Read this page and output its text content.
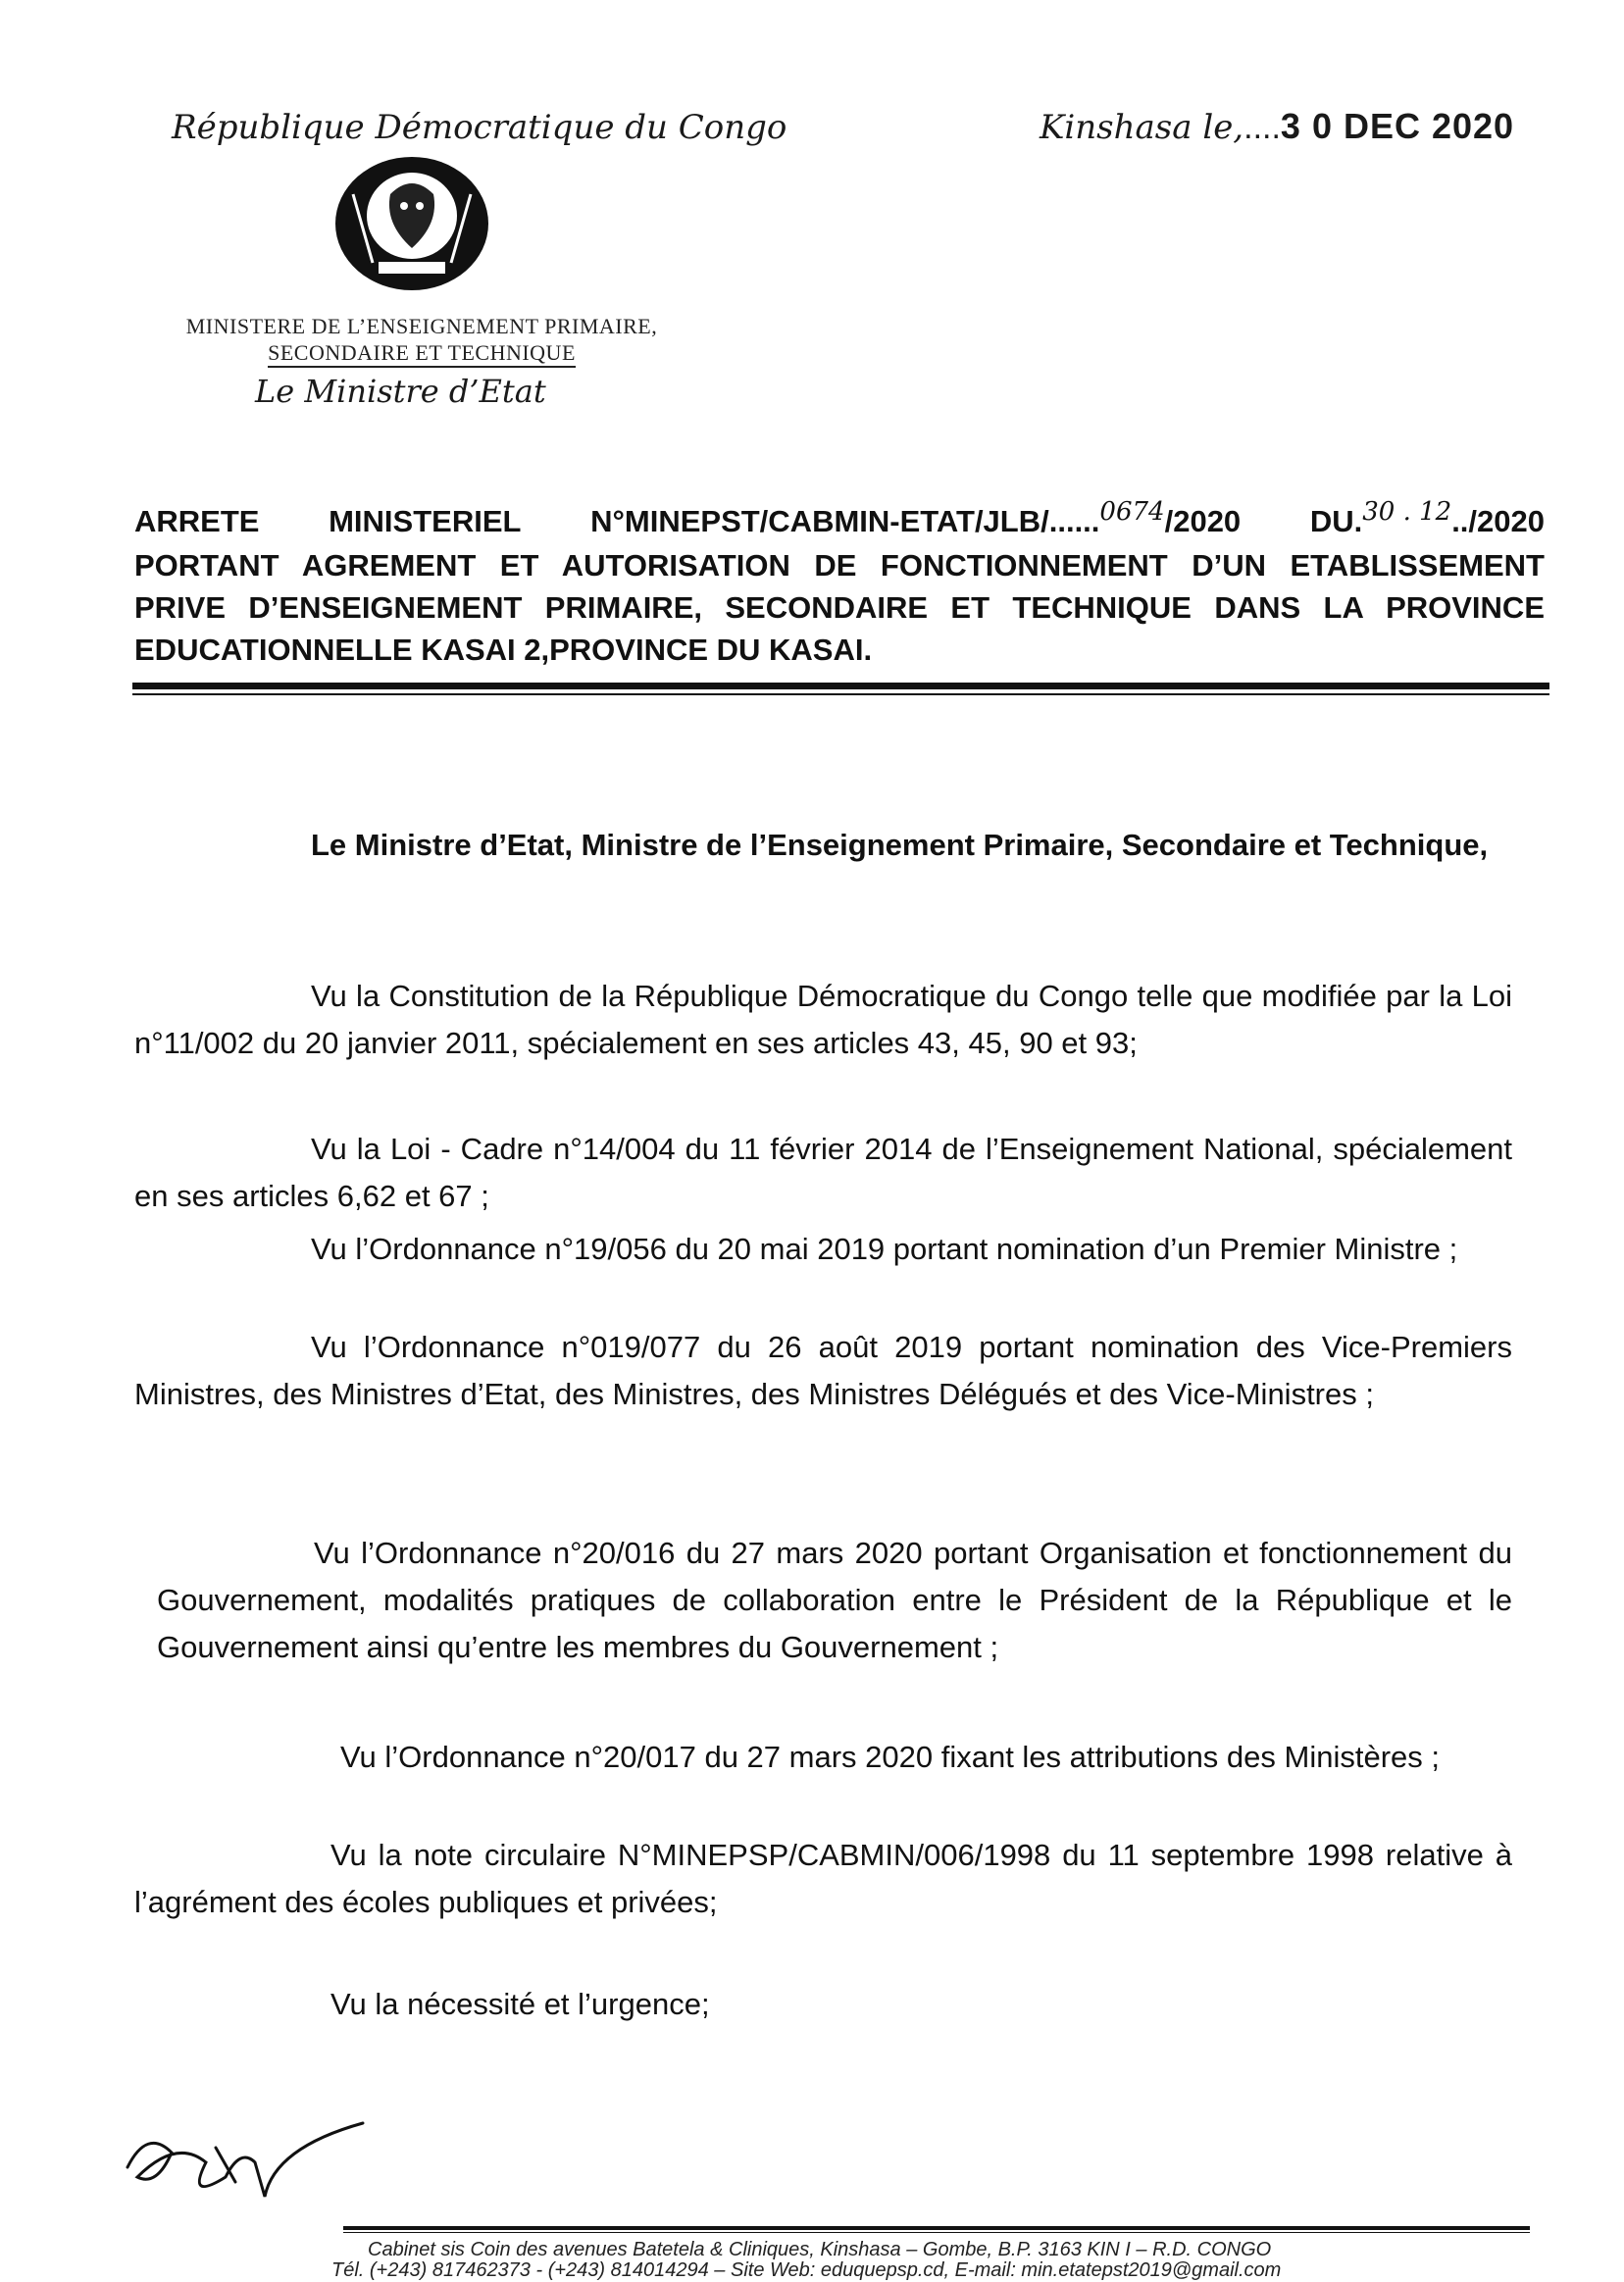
République Démocratique du Congo	Kinshasa le,....3 0 DEC 2020
MINISTERE DE L’ENSEIGNEMENT PRIMAIRE,
SECONDAIRE ET TECHNIQUE
Le Ministre d’Etat
ARRETE MINISTERIEL N°MINEPST/CABMIN-ETAT/JLB/......$^{0674}$/2020 DU.$^{30 . 12}$../2020
PORTANT AGREMENT ET AUTORISATION DE FONCTIONNEMENT D’UN ETABLISSEMENT
PRIVE D’ENSEIGNEMENT PRIMAIRE, SECONDAIRE ET TECHNIQUE DANS LA PROVINCE
EDUCATIONNELLE KASAI 2,PROVINCE DU KASAI.
Le Ministre d’Etat, Ministre de l’Enseignement Primaire, Secondaire et Technique,
Vu la Constitution de la République Démocratique du Congo telle que modifiée par la Loi n°11/002 du 20 janvier 2011, spécialement en ses articles 43, 45, 90 et 93;
Vu la Loi - Cadre n°14/004 du 11 février 2014 de l’Enseignement National, spécialement en ses articles 6,62 et 67 ;
Vu l’Ordonnance n°19/056 du 20 mai 2019 portant nomination d’un Premier Ministre ;
Vu l’Ordonnance n°019/077 du 26 août 2019 portant nomination des Vice-Premiers Ministres, des Ministres d’Etat, des Ministres, des Ministres Délégués et des Vice-Ministres ;
Vu l’Ordonnance n°20/016 du 27 mars 2020 portant Organisation et fonctionnement du Gouvernement, modalités pratiques de collaboration entre le Président de la République et le Gouvernement ainsi qu’entre les membres du Gouvernement ;
Vu l’Ordonnance n°20/017 du 27 mars 2020 fixant les attributions des Ministères ;
Vu la note circulaire N°MINEPSP/CABMIN/006/1998 du 11 septembre 1998 relative à l’agrément des écoles publiques et privées;
Vu la nécessité et l’urgence;
Cabinet sis Coin des avenues Batetela & Cliniques, Kinshasa – Gombe, B.P. 3163 KIN I – R.D. CONGO
Tél. (+243) 817462373 - (+243) 814014294 – Site Web: eduquepsp.cd, E-mail: min.etatepst2019@gmail.com
